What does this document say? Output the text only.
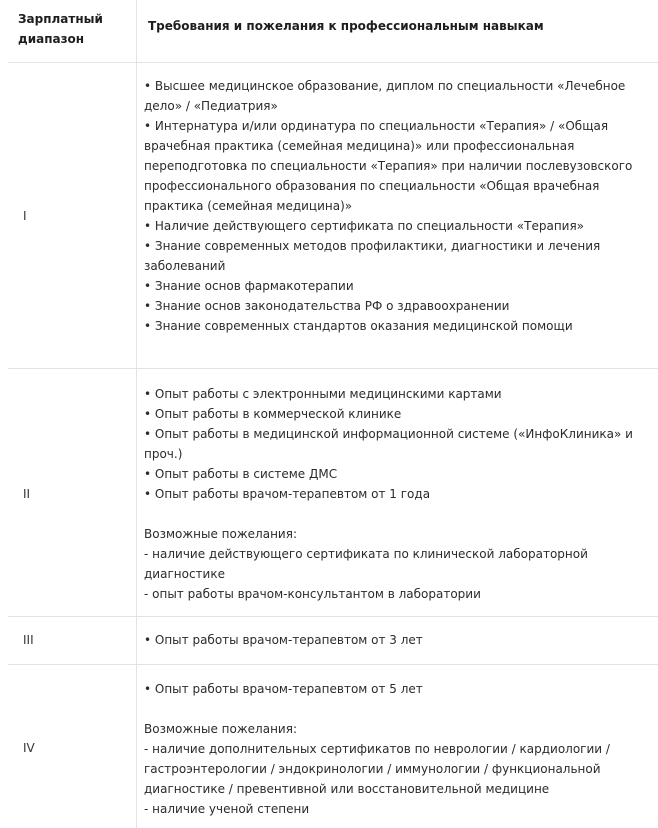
Зарплатный
диапазон
Требования и пожелания к профессиональным навыкам
I
• Высшее медицинское образование, диплом по специальности «Лечебное
дело» / «Педиатрия»
• Интернатура и/или ординатура по специальности «Терапия» / «Общая
врачебная практика (семейная медицина)» или профессиональная
переподготовка по специальности «Терапия» при наличии послевузовского
профессионального образования по специальности «Общая врачебная
практика (семейная медицина)»
• Наличие действующего сертификата по специальности «Терапия»
• Знание современных методов профилактики, диагностики и лечения
заболеваний
• Знание основ фармакотерапии
• Знание основ законодательства РФ о здравоохранении
• Знание современных стандартов оказания медицинской помощи
II
• Опыт работы с электронными медицинскими картами
• Опыт работы в коммерческой клинике
• Опыт работы в медицинской информационной системе («ИнфоКлиника» и
проч.)
• Опыт работы в системе ДМС
• Опыт работы врачом-терапевтом от 1 года
Возможные пожелания:
- наличие действующего сертификата по клинической лабораторной
диагностике
- опыт работы врачом-консультантом в лаборатории
III	• Опыт работы врачом-терапевтом от 3 лет
IV
• Опыт работы врачом-терапевтом от 5 лет
Возможные пожелания:
- наличие дополнительных сертификатов по неврологии / кардиологии /
гастроэнтерологии / эндокринологии / иммунологии / функциональной
диагностике / превентивной или восстановительной медицине
- наличие ученой степени
